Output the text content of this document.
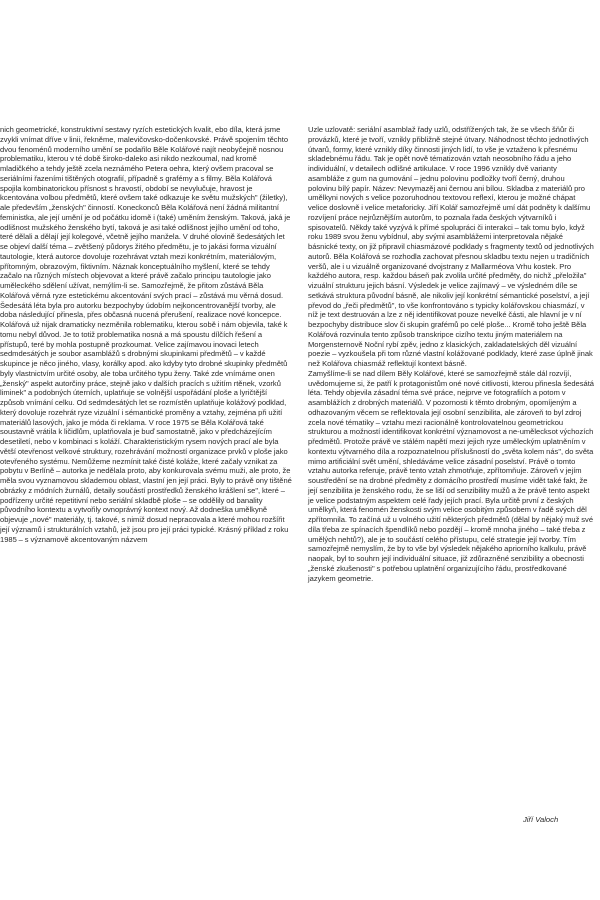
nich geometrické, konstruktivní sestavy ryzích estetických kvalit, ebo díla, která jsme zvykli vnímat dříve v linii, řekněme, malevičovsko-dočenkovské. Právě spojením těchto dvou fenoménů moderního umění se podařilo Běle Kolářové najít neobyčejně nosnou problematiku, kterou v té době široko-daleko asi nikdo nezkoumal, nad kromě mladičkého a tehdy ještě zcela neznámého Petera oehra, který ovšem pracoval se seriálními řazeními tištěných otografií, případně s grafémy a s filmy. Běla Kolářová spojila kombinatorickou přísnost s hravostí, období se nevylučuje, hravost je kcentována volbou předmětů, které ovšem také odkazuje ke světu mužských" (žiletky), ale především „ženských" činností. Koneckonců Běla Kolářová není žádná militantní feministka, ale její umění je od počátku idomě i (také) uměním ženským. Taková, jaká je odlišnost mužského ženského bytí, taková je asi také odlišnost jejího umění od toho, teré dělali a dělají její kolegové, včetně jejího manžela. V druhé olovině šedesátých let se objeví další téma – zvětšený půdorys žitého předmětu, je to jakási forma vizuální tautologie, která autorce dovoluje rozehrávat vztah mezi konkrétním, materiálovým, přítomným, obrazovým, fiktivním. Náznak konceptuálního myšlení, které se tehdy začalo na různých místech objevovat a které právě začalo principu tautologie jako uměleckého sdělení užívat, nemýlím-li se. Samozřejmě, že přitom zůstává Běla Kolářová věrná ryze estetickému akcentování svých prací – zůstává mu věrná dosud. Šedesátá léta byla pro autorku bezpochyby údobím nejkoncentrovanější tvorby, ale doba následující přinesla, přes občasná nucená přerušení, realizace nové koncepce. Kolářová už nijak dramaticky nezměnila roblematiku, kterou sobě i nám objevila, také k tomu nebyl důvod. Je to totiž problematika nosná a má spoustu dílčích řešení a přístupů, teré by mohla postupně prozkoumat. Velice zajímavou inovaci letech sedmdesátých je soubor asamblážů s drobnými skupinkami předmětů – v každé skupince je něco jiného, vlasy, korálky apod. ako kdyby tyto drobné skupinky předmětů byly vlastnictvím určité osoby, ale toba určitého typu ženy. Také zde vnímáme onen „ženský" aspekt autorčiny práce, stejně jako v dalších pracích s užitím rtěnek, vzorků liminek" a podobných úterních, uplatňuje se volnější uspořádání ploše a lyričtější způsob vnímání celku. Od sedmdesátých let se rozmístěn uplatňuje kolážový podklad, který dovoluje rozehrát ryze vizuální i sémantické proměny a vztahy, zejména při užití materiálů lasových, jako je móda či reklama. V roce 1975 se Běla Kolářová také soustavně vrátila k ličidlům, uplatňovala je buď samostatně, jako v předcházejícím desetiletí, nebo v kombinaci s koláží. Charakteristickým rysem nových prací ale byla větší otevřenost velkové struktury, rozehrávání možností organizace prvků v ploše jako otevřeného systému. Nemůžeme nezmínit také čisté koláže, které začaly vznikat za pobytu v Berlíně – autorka je nedělala proto, aby konkurovala svému muži, ale proto, že měla svou vyznamovou sklademou oblast, vlastní jen její práci. Byly to právě ony tištěné obrázky z módních žurnálů, detaily součástí prostředků ženského krášlení se", které – podřízeny určité repetitivní nebo seriální skladbě ploše – se oddělily od banality původního kontextu a vytvořily ovnoprávný kontext nový. Až dodneška umělkyně objevuje „nové" materiály, tj. takové, s nimiž dosud nepracovala a které mohou rozšířit její významů i strukturálních vztahů, jež jsou pro její práci typické. Krásný příklad z roku 1985 – s významově akcentovaným názvem

Uzle uzlovatě: seriální asamblaž řady uzlů, odstřížených tak, že se všech šňůr či provázků, které je tvoří, vznikly přibližně stejné útvary. Náhodnost těchto jednotlivých útvarů, formy, které vznikly díky činnosti jiných lidí, to vše je vztaženo k přesnému skladebnému řádu. Tak je opět nově tématizován vztah neosobního řádu a jeho individuální, v detailech odlišné artikulace. V roce 1996 vznikly dvě varianty asambláže z gum na gumování – jednu polovinu podložky tvoří černý, druhou polovinu bílý papír. Název: Nevymazěj ani černou ani bílou. Skladba z materiálů pro umělkyni nových s velice pozoruhodnou textovou reflexí, kterou je možné chápat velice doslovně i velice metaforicky. Jiří Kolář samozřejmě umí dát podněty k dalšímu rozvíjení práce nejrůznějším autorům, to poznala řada českých výtvarníků i spisovatelů. Někdy také vyzývá k přímé spolupráci či interakci – tak tomu bylo, když roku 1989 svou ženu vybídnul, aby svými asamblážemi interpretovala nějaké básnické texty, on již připravil chiasmázové podklady s fragmenty textů od jednotlivých autorů. Běla Kolářová se rozhodla zachovat přesnou skladbu textu nejen u tradičních veršů, ale i u vizuálně organizované dvojstrany z Mallarméova Vrhu kostek. Pro každého autora, resp. každou báseň pak zvolila určité předměty, do nichž „přeložila" vizuální strukturu jejich básní. Výsledek je velice zajímavý – ve výsledném díle se setkává struktura původní básně, ale nikoliv její konkrétní sémantické poselství, a její převod do „řeči předmětů", to vše konfrontováno s typicky kolářovskou chiasmází, v níž je text destruován a lze z něj identifikovat pouze nevelké části, ale hlavní je v ní bezpochyby distribuce slov či skupin grafémů po celé ploše... Kromě toho ještě Běla Kolářová rozvinula tento způsob transkripce cizího textu jiným materiálem na Morgensternově Noční rybí zpěv, jedno z klasických, zakladatelských děl vizuální poezie – vyzkoušela při tom různé vlastní kolážované podklady, které zase úplně jinak než Kolářova chiasmáž reflektují kontext básně.

Zamyšlíme-li se nad dílem Běly Kolářové, které se samozřejmě stále dál rozvíjí, uvědomujeme si, že patří k protagonistům oné nové citlivosti, kterou přinesla šedesátá léta. Tehdy objevila zásadní téma své práce, nejprve ve fotografiích a potom v asamblážích z drobných materiálů. V pozornosti k těmto drobným, opomíjeným a odhazovaným věcem se reflektovala její osobní senzibilita, ale zároveň to byl zdroj zcela nové tématiky – vztahu mezi racionálně kontrolovatelnou geometrickou strukturou a možností identifikovat konkrétní významovost a ne-umělecksot výchozích předmětů. Protože právě ve stálém napětí mezi jejich ryze uměleckým uplatněním v kontextu výtvarného díla a rozpoznatelnou příslušností do „světa kolem nás", do světa mimo artificiální svět umění, shledáváme velice zásadní poselství. Právě o tomto vztahu autorka referuje, právě tento vztah zhmotňuje, zpřítomňuje. Zároveň v jejím soustředění se na drobné předměty z domácího prostředí musíme vidět také fakt, že její senzibilita je ženského rodu, že se liší od senzibility mužů a že právě tento aspekt je velice podstatným aspektem celé řady jejích prací. Byla určitě první z českých umělkyň, která fenomén ženskosti svým velice osobitým způsobem v řadě svých děl zpřítomnila. To začíná už u volného užití některých předmětů (dělal by nějaký muž své díla třeba ze spínacích špendlíků nebo pozdějí – kromě mnoha jiného – také třeba z umělých nehtů?), ale je to součástí celého přístupu, celé strategie její tvorby. Tím samozřejmě nemyslím, že by to vše byl výsledek nějakého apriorního kalkulu, právě naopak, byl to souhrn její individuální situace, již zdůrazněné senzibility a obecnosti „ženské zkušenosti" s potřebou uplatnění organizujícího řádu, prostředkované jazykem geometrie.

Jiří Valoch
